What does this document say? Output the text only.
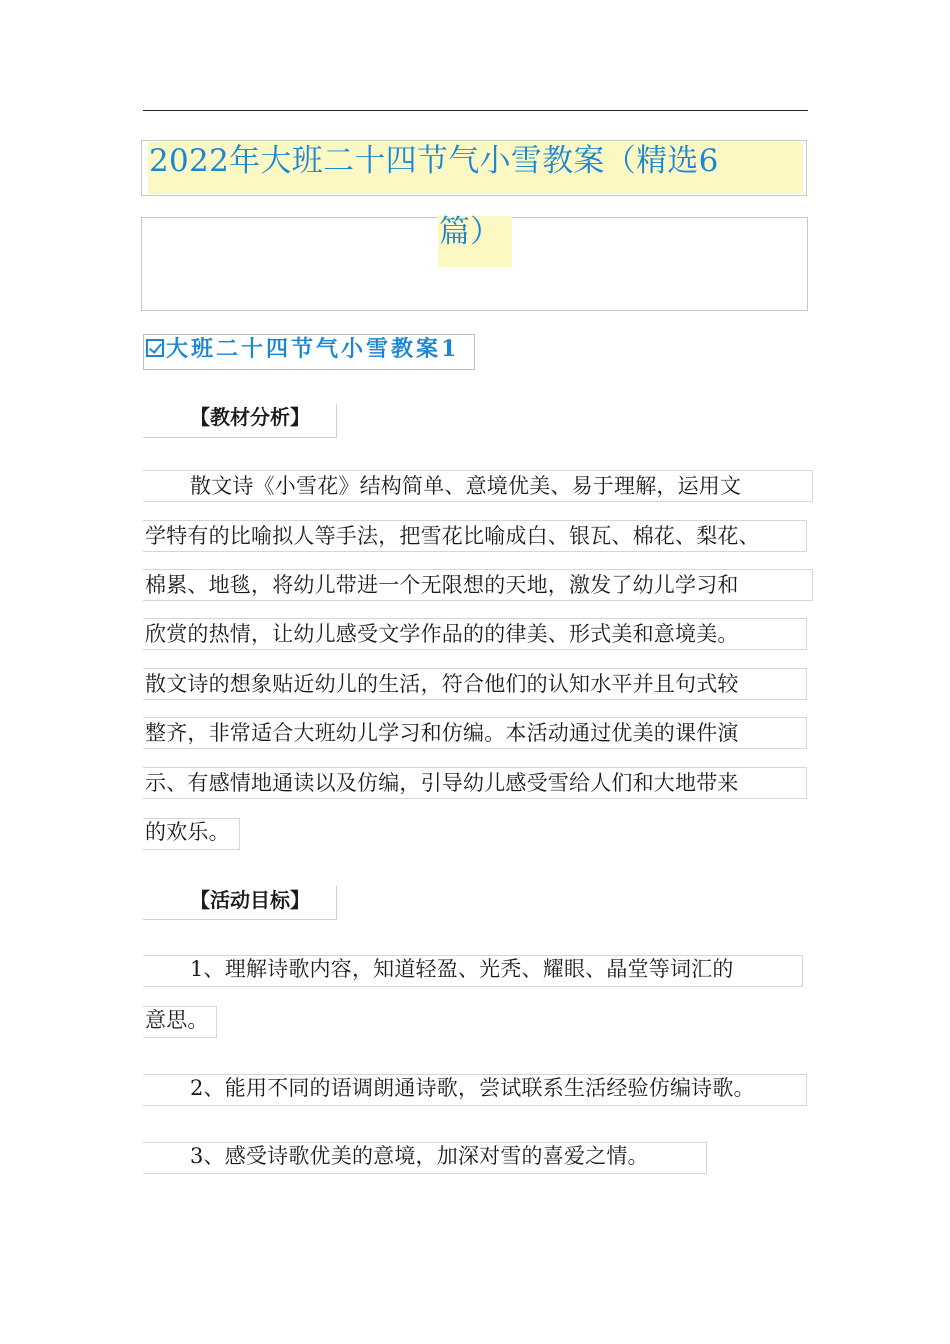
2022年大班二十四节气小雪教案（精选6
篇）
大班二十四节气小雪教案1
【教材分析】

散文诗《小雪花》结构简单、意境优美、易于理解，运用文

学特有的比喻拟人等手法，把雪花比喻成白、银瓦、棉花、梨花、

棉累、地毯，将幼儿带进一个无限想的天地，激发了幼儿学习和

欣赏的热情，让幼儿感受文学作品的的律美、形式美和意境美。

散文诗的想象贴近幼儿的生活，符合他们的认知水平并且句式较

整齐，非常适合大班幼儿学习和仿编。本活动通过优美的课件演

示、有感情地通读以及仿编，引导幼儿感受雪给人们和大地带来

的欢乐。

【活动目标】

1、理解诗歌内容，知道轻盈、光秃、耀眼、晶堂等词汇的

意思。

2、能用不同的语调朗通诗歌，尝试联系生活经验仿编诗歌。

3、感受诗歌优美的意境，加深对雪的喜爱之情。
